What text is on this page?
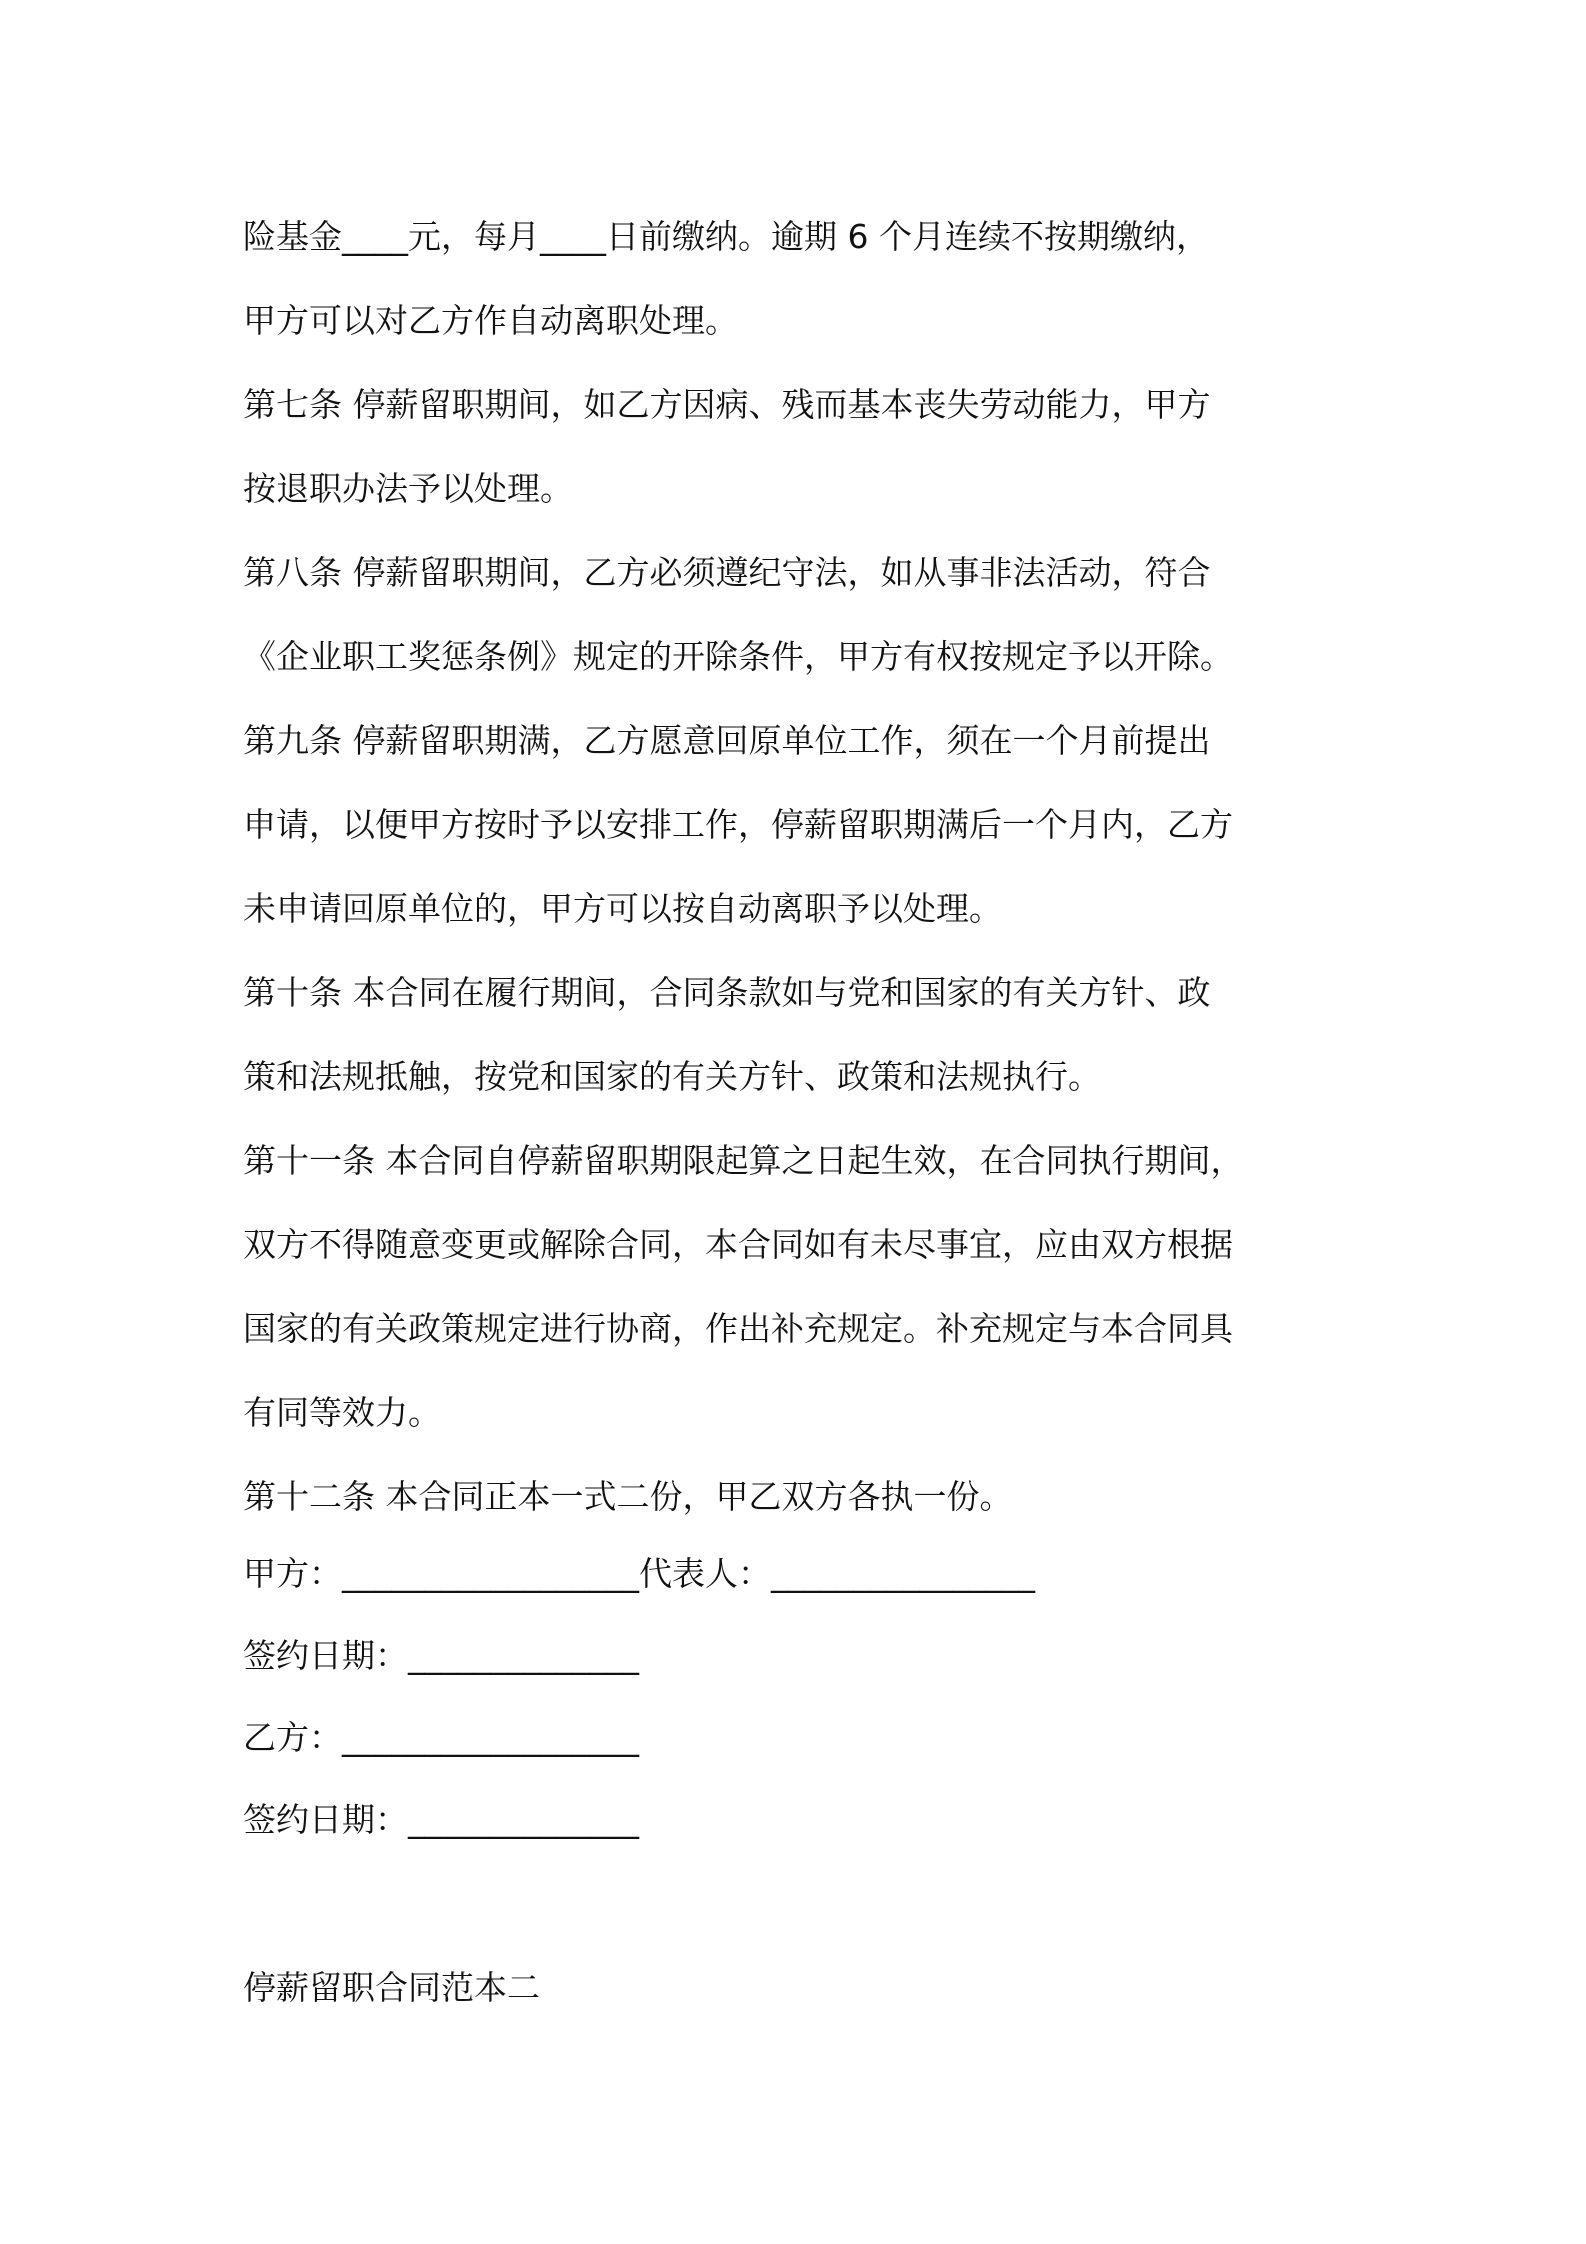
险基金____元，每月____日前缴纳。逾期 6 个月连续不按期缴纳，
甲方可以对乙方作自动离职处理。
第七条 停薪留职期间，如乙方因病、残而基本丧失劳动能力，甲方
按退职办法予以处理。
第八条 停薪留职期间，乙方必须遵纪守法，如从事非法活动，符合
《企业职工奖惩条例》规定的开除条件，甲方有权按规定予以开除。
第九条 停薪留职期满，乙方愿意回原单位工作，须在一个月前提出
申请，以便甲方按时予以安排工作，停薪留职期满后一个月内，乙方
未申请回原单位的，甲方可以按自动离职予以处理。
第十条 本合同在履行期间，合同条款如与党和国家的有关方针、政
策和法规抵触，按党和国家的有关方针、政策和法规执行。
第十一条 本合同自停薪留职期限起算之日起生效，在合同执行期间，
双方不得随意变更或解除合同，本合同如有未尽事宜，应由双方根据
国家的有关政策规定进行协商，作出补充规定。补充规定与本合同具
有同等效力。
第十二条 本合同正本一式二份，甲乙双方各执一份。
甲方：__________________代表人：________________
签约日期：______________
乙方：__________________
签约日期：______________
停薪留职合同范本二
